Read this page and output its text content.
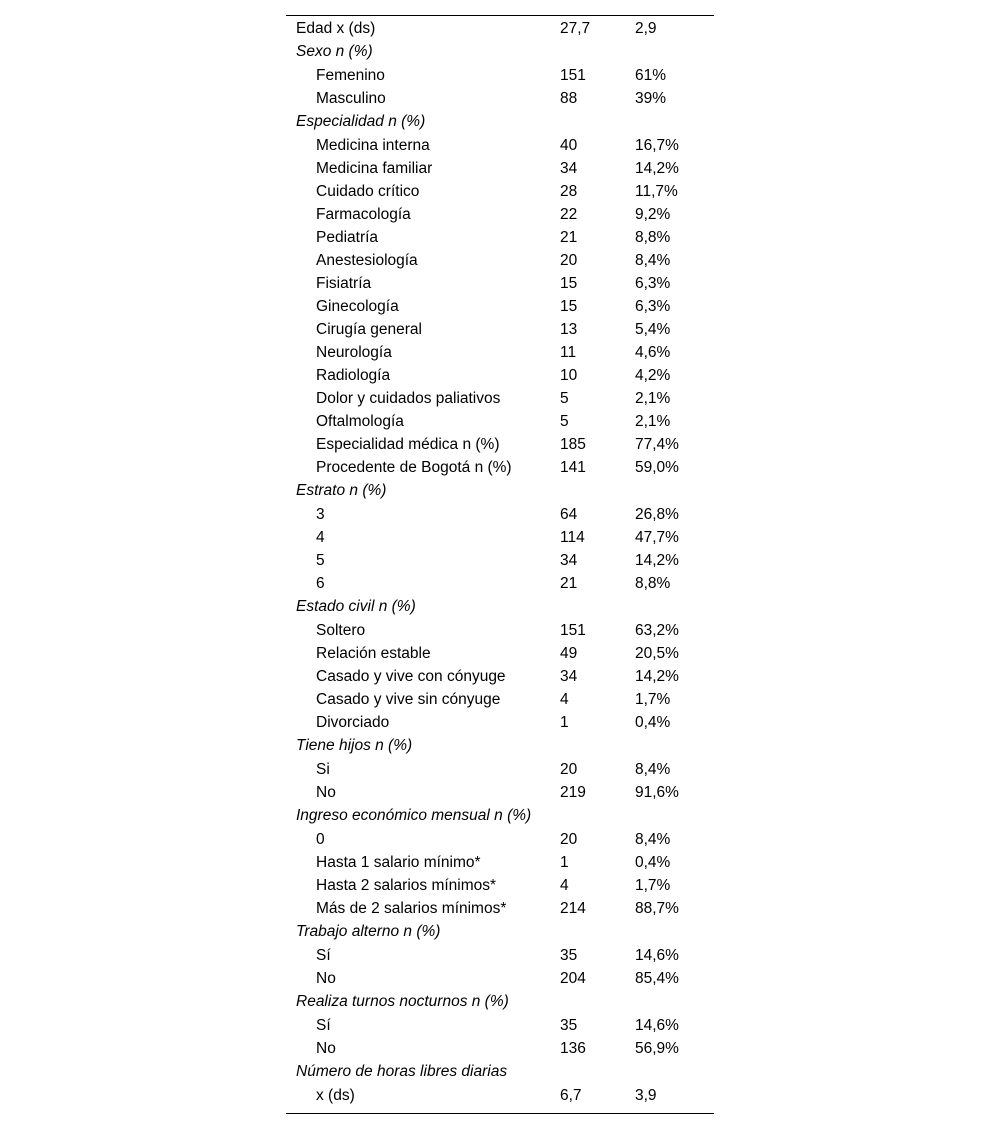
Edad x (ds)	27,7	2,9
Sexo n (%)
Femenino	151	61%
Masculino	88	39%
Especialidad n (%)
Medicina interna	40	16,7%
Medicina familiar	34	14,2%
Cuidado crítico	28	11,7%
Farmacología	22	9,2%
Pediatría	21	8,8%
Anestesiología	20	8,4%
Fisiatría	15	6,3%
Ginecología	15	6,3%
Cirugía general	13	5,4%
Neurología	11	4,6%
Radiología	10	4,2%
Dolor y cuidados paliativos	5	2,1%
Oftalmología	5	2,1%
Especialidad médica n (%)	185	77,4%
Procedente de Bogotá n (%)	141	59,0%
Estrato n (%)
3	64	26,8%
4	114	47,7%
5	34	14,2%
6	21	8,8%
Estado civil n (%)
Soltero	151	63,2%
Relación estable	49	20,5%
Casado y vive con cónyuge	34	14,2%
Casado y vive sin cónyuge	4	1,7%
Divorciado	1	0,4%
Tiene hijos n (%)
Si	20	8,4%
No	219	91,6%
Ingreso económico mensual n (%)
0	20	8,4%
Hasta 1 salario mínimo*	1	0,4%
Hasta 2 salarios mínimos*	4	1,7%
Más de 2 salarios mínimos*	214	88,7%
Trabajo alterno n (%)
Sí	35	14,6%
No	204	85,4%
Realiza turnos nocturnos n (%)
Sí	35	14,6%
No	136	56,9%
Número de horas libres diarias
x (ds)	6,7	3,9
